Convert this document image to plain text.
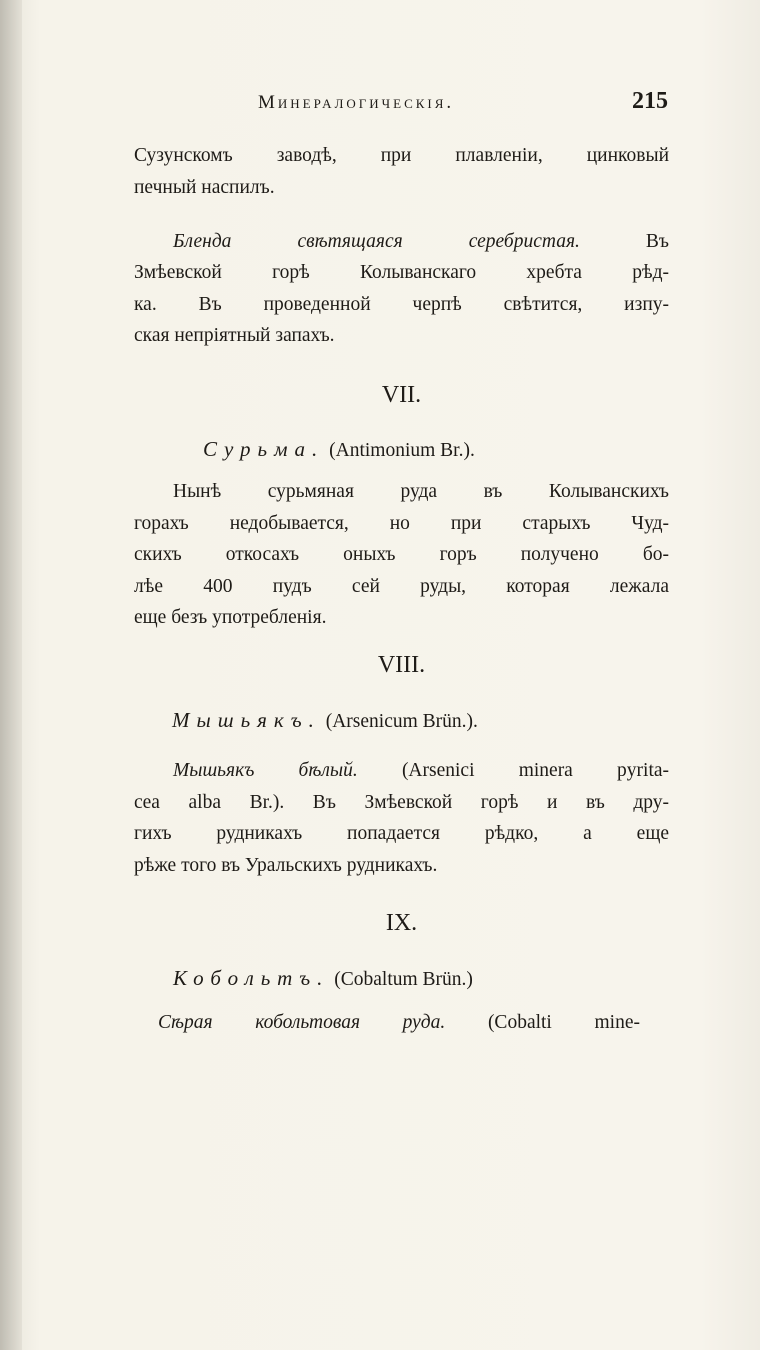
Минералогическія.	215
Сузунскомъ заводѣ, при плавленіи, цинковый
печный наспилъ.
Бленда свѣтящаяся серебристая.	Въ
Змѣевской горѣ Колыванскаго хребта рѣд-
ка. Въ проведенной черпѣ свѣтится, изпу-
ская непріятный запахъ.
VII.
Сурьма. (Antimonium Br.).
Нынѣ сурьмяная руда въ Колыванскихъ
горахъ недобывается, но при старыхъ Чуд-
скихъ откосахъ оныхъ горъ получено бо-
лѣе 400 пудъ сей руды, которая лежала
еще безъ употребленія.
VIII.
Мышьякъ. (Arsenicum Brün.).
Мышьякъ бѣлый. (Arsenici minera pyrita-
cea alba Br.). Въ Змѣевской горѣ и въ дру-
гихъ рудникахъ попадается рѣдко, а еще
рѣже того въ Уральскихъ рудникахъ.
IX.
Кобольтъ. (Cobaltum Brün.)
Сѣрая кобольтовая руда. (Cobalti mine-
